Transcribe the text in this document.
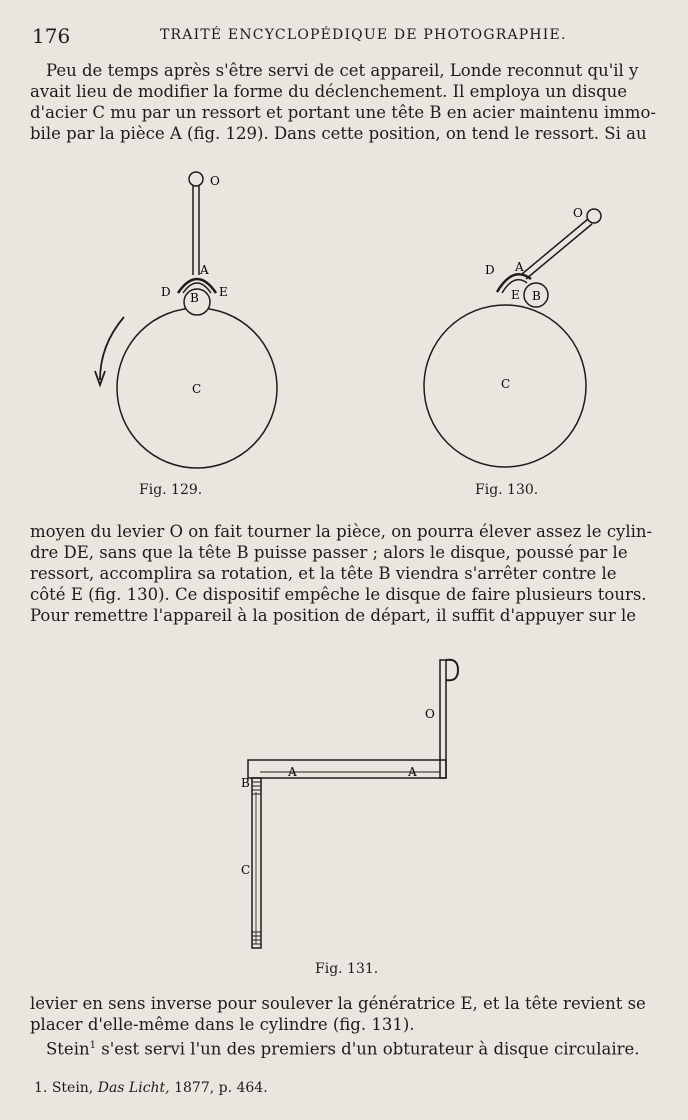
176	TRAITÉ ENCYCLOPÉDIQUE DE PHOTOGRAPHIE.
Peu de temps après s'être servi de cet appareil, Londe reconnut qu'il y
avait lieu de modifier la forme du déclenchement. Il employa un disque
d'acier C mu par un ressort et portant une tête B en acier maintenu immo-
bile par la pièce A (fig. 129). Dans cette position, on tend le ressort. Si au
O
A
D B E
C
Fig. 129.
O
A
D
E B
C
Fig. 130.
moyen du levier O on fait tourner la pièce, on pourra élever assez le cylin-
dre DE, sans que la tête B puisse passer ; alors le disque, poussé par le
ressort, accomplira sa rotation, et la tête B viendra s'arrêter contre le
côté E (fig. 130). Ce dispositif empêche le disque de faire plusieurs tours.
Pour remettre l'appareil à la position de départ, il suffit d'appuyer sur le
O
A	A
B
C
Fig. 131.
levier en sens inverse pour soulever la génératrice E, et la tête revient se
placer d'elle-même dans le cylindre (fig. 131).
Stein$^1$ s'est servi l'un des premiers d'un obturateur à disque circulaire.
1. Stein, Das Licht, 1877, p. 464.
